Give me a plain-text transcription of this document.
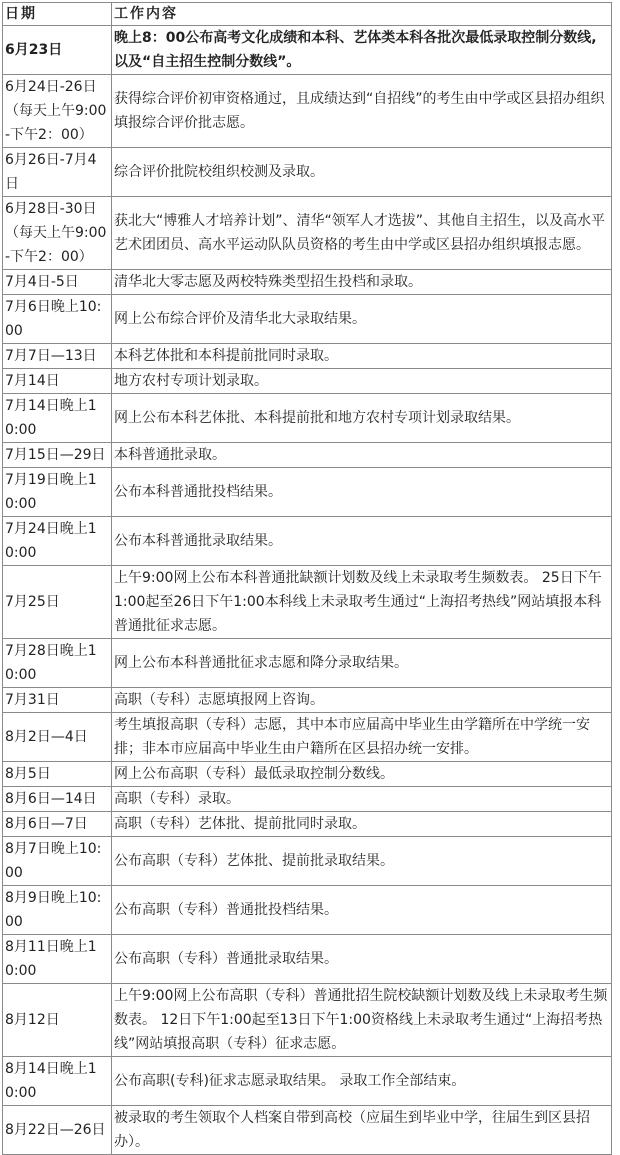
日期	工作内容
6月23日	晚上8：00公布高考文化成绩和本科、艺体类本科各批次最低录取控制分数线,以及“自主招生控制分数线”。
6月24日-26日（每天上午9:00-下午2：00）	获得综合评价初审资格通过，且成绩达到“自招线”的考生由中学或区县招办组织填报综合评价批志愿。
6月26日-7月4日	综合评价批院校组织校测及录取。
6月28日-30日（每天上午9:00-下午2：00）	获北大“博雅人才培养计划”、清华“领军人才选拔”、其他自主招生，以及高水平艺术团团员、高水平运动队队员资格的考生由中学或区县招办组织填报志愿。
7月4日-5日	清华北大零志愿及两校特殊类型招生投档和录取。
7月6日晚上10:00	网上公布综合评价及清华北大录取结果。
7月7日—13日	本科艺体批和本科提前批同时录取。
7月14日	地方农村专项计划录取。
7月14日晚上10:00	网上公布本科艺体批、本科提前批和地方农村专项计划录取结果。
7月15日—29日	本科普通批录取。
7月19日晚上10:00	公布本科普通批投档结果。
7月24日晚上10:00	公布本科普通批录取结果。
7月25日	上午9:00网上公布本科普通批缺额计划数及线上未录取考生频数表。 25日下午1:00起至26日下午1:00本科线上未录取考生通过“上海招考热线”网站填报本科普通批征求志愿。
7月28日晚上10:00	网上公布本科普通批征求志愿和降分录取结果。
7月31日	高职（专科）志愿填报网上咨询。
8月2日—4日	考生填报高职（专科）志愿，其中本市应届高中毕业生由学籍所在中学统一安排；非本市应届高中毕业生由户籍所在区县招办统一安排。
8月5日	网上公布高职（专科）最低录取控制分数线。
8月6日—14日	高职（专科）录取。
8月6日—7日	高职（专科）艺体批、提前批同时录取。
8月7日晚上10:00	公布高职（专科）艺体批、提前批录取结果。
8月9日晚上10:00	公布高职（专科）普通批投档结果。
8月11日晚上10:00	公布高职（专科）普通批录取结果。
8月12日	上午9:00网上公布高职（专科）普通批招生院校缺额计划数及线上未录取考生频数表。 12日下午1:00起至13日下午1:00资格线上未录取考生通过“上海招考热线”网站填报高职（专科）征求志愿。
8月14日晚上10:00	公布高职(专科)征求志愿录取结果。 录取工作全部结束。
8月22日—26日	被录取的考生领取个人档案自带到高校（应届生到毕业中学，往届生到区县招办）。
